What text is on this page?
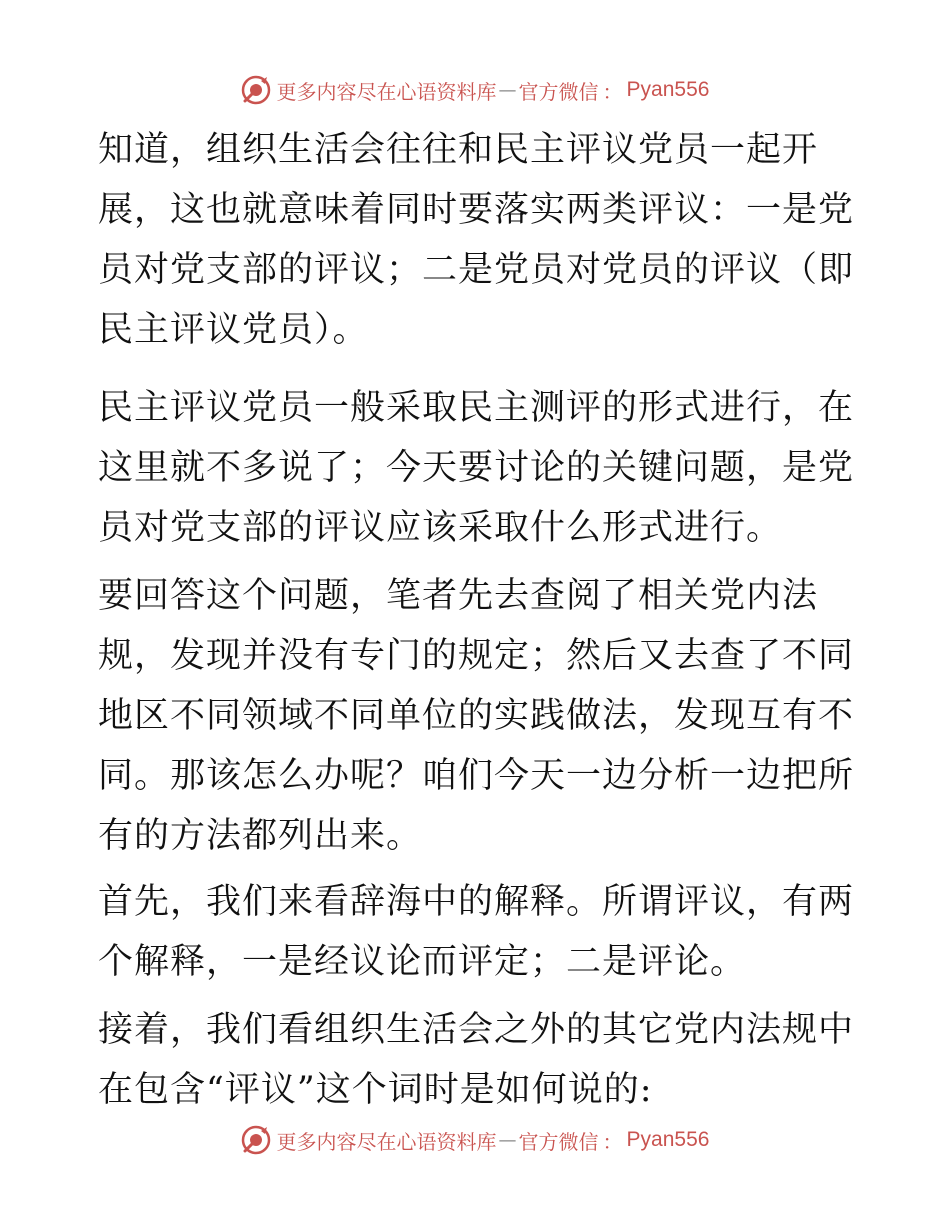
更多内容尽在心语资料库 — 官方微信 ： Pyan556

知道，组织生活会往往和民主评议党员一起开展，这也就意味着同时要落实两类评议：一是党员对党支部的评议；二是党员对党员的评议（即民主评议党员）。

民主评议党员一般采取民主测评的形式进行，在这里就不多说了；今天要讨论的关键问题，是党员对党支部的评议应该采取什么形式进行。

要回答这个问题，笔者先去查阅了相关党内法规，发现并没有专门的规定；然后又去查了不同地区不同领域不同单位的实践做法，发现互有不同。那该怎么办呢？咱们今天一边分析一边把所有的方法都列出来。

首先，我们来看辞海中的解释。所谓评议，有两个解释，一是经议论而评定；二是评论。

接着，我们看组织生活会之外的其它党内法规中在包含“评议”这个词时是如何说的:

更多内容尽在心语资料库 — 官方微信 ： Pyan556
